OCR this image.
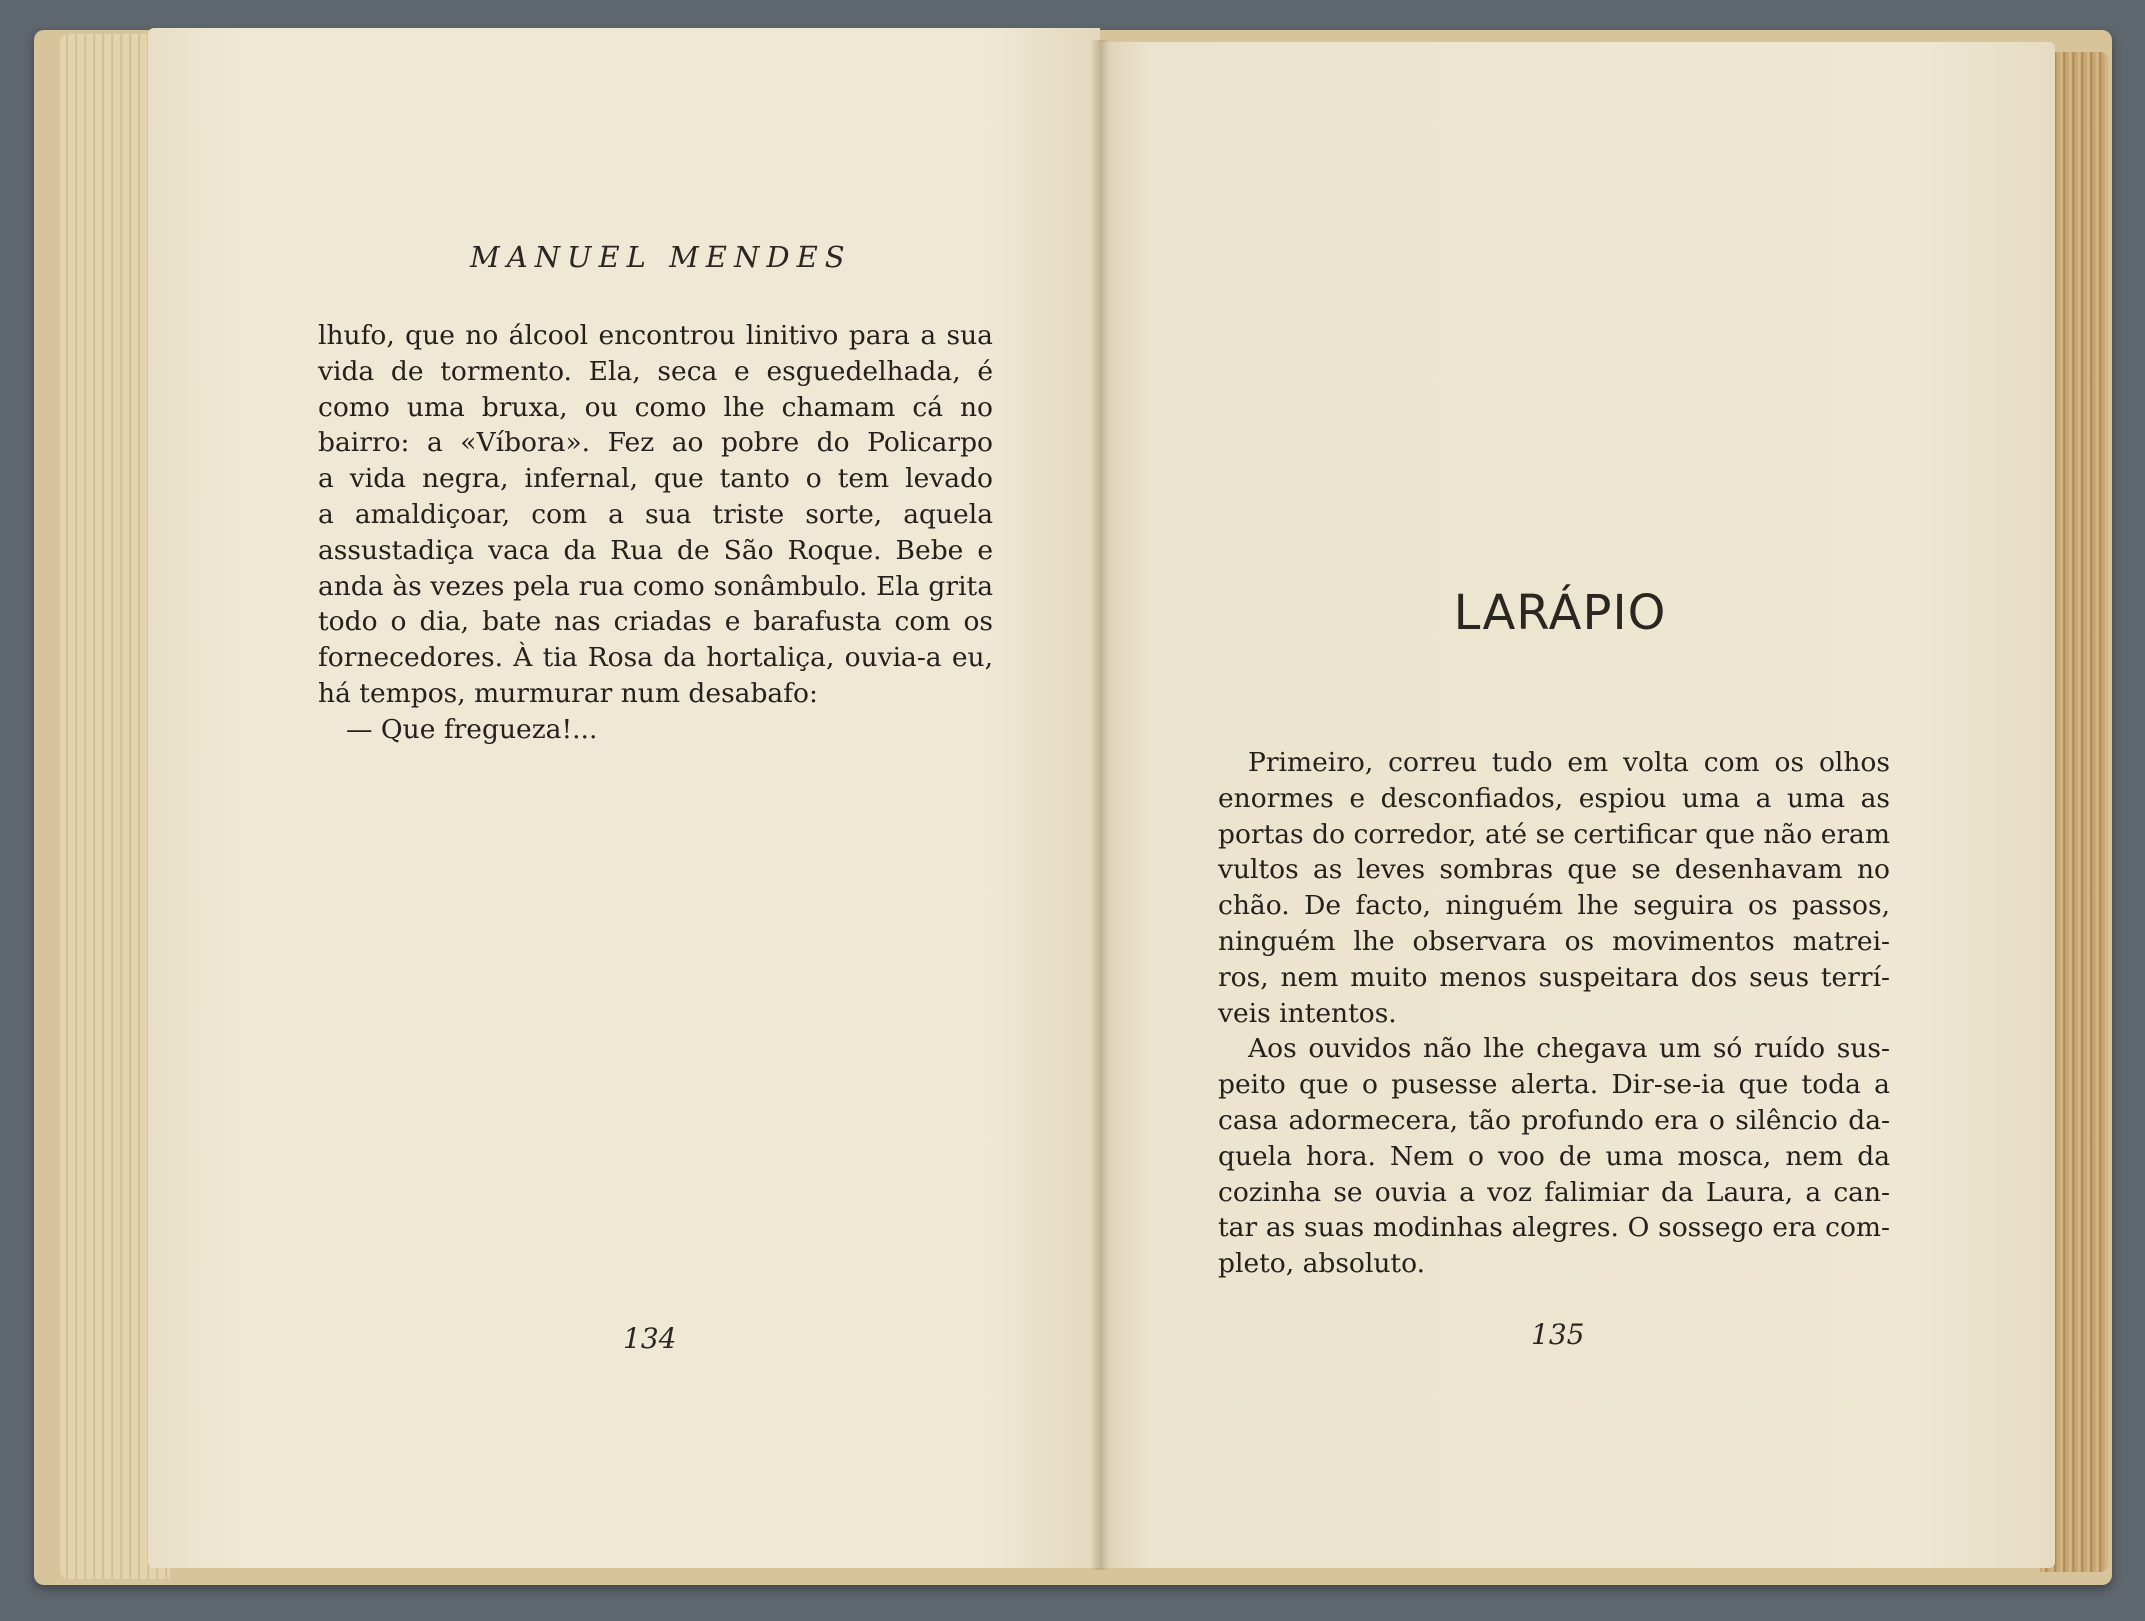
MANUEL MENDES

lhufo, que no álcool encontrou linitivo para a sua

vida de tormento. Ela, seca e esguedelhada, é

como uma bruxa, ou como lhe chamam cá no

bairro: a «Víbora». Fez ao pobre do Policarpo

a vida negra, infernal, que tanto o tem levado

a amaldiçoar, com a sua triste sorte, aquela

assustadiça vaca da Rua de São Roque. Bebe e

anda às vezes pela rua como sonâmbulo. Ela grita

todo o dia, bate nas criadas e barafusta com os

fornecedores. À tia Rosa da hortaliça, ouvia-a eu,

há tempos, murmurar num desabafo:

— Que fregueza!...

134
LARÁPIO

Primeiro, correu tudo em volta com os olhos

enormes e desconfiados, espiou uma a uma as

portas do corredor, até se certificar que não eram

vultos as leves sombras que se desenhavam no

chão. De facto, ninguém lhe seguira os passos,

ninguém lhe observara os movimentos matrei-

ros, nem muito menos suspeitara dos seus terrí-

veis intentos.

Aos ouvidos não lhe chegava um só ruído sus-

peito que o pusesse alerta. Dir-se-ia que toda a

casa adormecera, tão profundo era o silêncio da-

quela hora. Nem o voo de uma mosca, nem da

cozinha se ouvia a voz falimiar da Laura, a can-

tar as suas modinhas alegres. O sossego era com-

pleto, absoluto.

135
